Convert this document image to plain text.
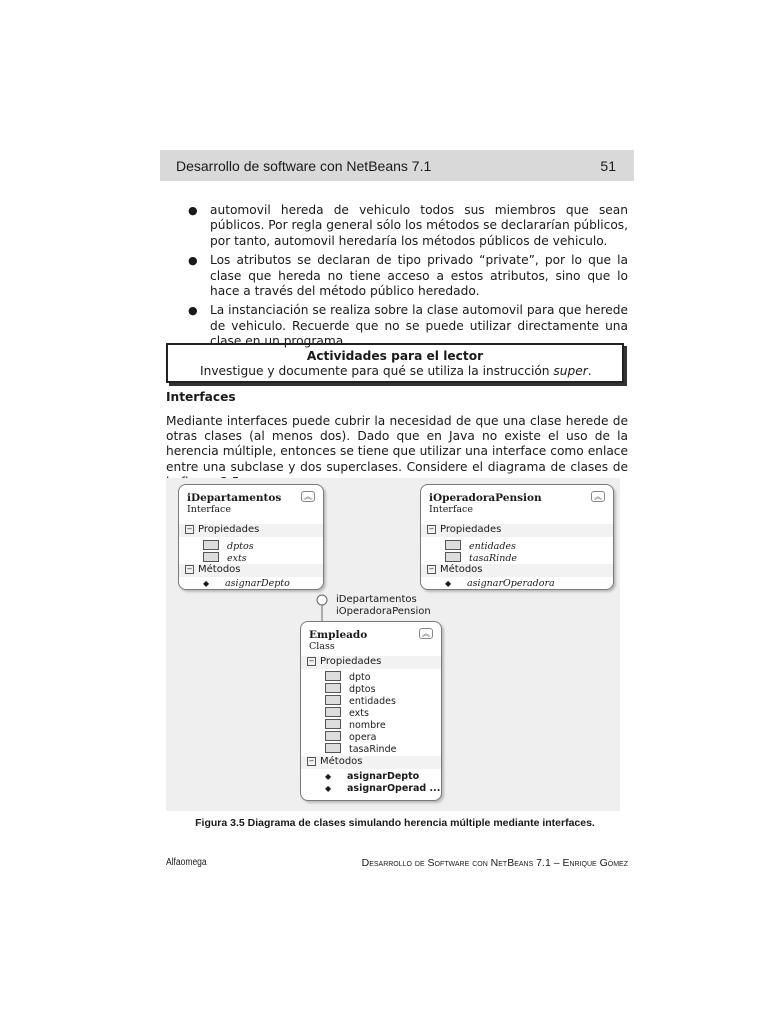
Desarrollo de software con NetBeans 7.1	51
● automovil hereda de vehiculo todos sus miembros que sean públicos. Por regla general sólo los métodos se declararían públicos, por tanto, automovil heredaría los métodos públicos de vehiculo.
● Los atributos se declaran de tipo privado “private”, por lo que la clase que hereda no tiene acceso a estos atributos, sino que lo hace a través del método público heredado.
● La instanciación se realiza sobre la clase automovil para que herede de vehiculo. Recuerde que no se puede utilizar directamente una clase en un programa.
Actividades para el lector
Investigue y documente para qué se utiliza la instrucción super.
Interfaces

Mediante interfaces puede cubrir la necesidad de que una clase herede de otras clases (al menos dos). Dado que en Java no existe el uso de la herencia múltiple, entonces se tiene que utilizar una interface como enlace entre una subclase y dos superclases. Considere el diagrama de clases de

iDepartamentos
Interface
︽
− Propiedades
dptos
exts
− Métodos
◆ asignarDepto
iOperadoraPension
Interface
︽
− Propiedades
entidades
tasaRinde
− Métodos
◆ asignarOperadora
iDepartamentos
iOperadoraPension
Empleado
Class
︽
− Propiedades
dpto
dptos
entidades
exts
nombre
opera
tasaRinde
− Métodos
◆ asignarDepto
◆ asignarOperad ...
Figura 3.5 Diagrama de clases simulando herencia múltiple mediante interfaces.
Alfaomega	Desarrollo de Software con NetBeans 7.1 – Enrique Gómez
